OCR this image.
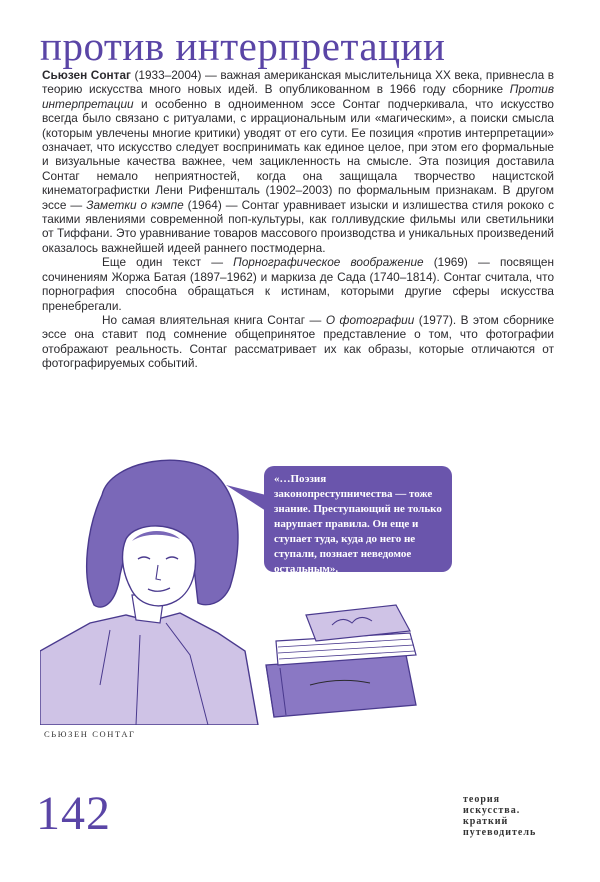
против интерпретации

Сьюзен Сонтаг (1933–2004) — важная американская мыслительница XX века, привнесла в теорию искусства много новых идей. В опубликованном в 1966 году сборнике Против интерпретации и особенно в одноименном эссе Сонтаг подчеркивала, что искусство всегда было связано с ритуалами, с иррациональным или «магическим», а поиски смысла (которым увлечены многие критики) уводят от его сути. Ее позиция «против интерпретации» означает, что искусство следует воспринимать как единое целое, при этом его формальные и визуальные качества важнее, чем зацикленность на смысле. Эта позиция доставила Сонтаг немало неприятностей, когда она защищала творчество нацистской кинематографистки Лени Рифеншталь (1902–2003) по формальным признакам. В другом эссе — Заметки о кэмпе (1964) — Сонтаг уравнивает изыски и излишества стиля рококо с такими явлениями современной поп-культуры, как голливудские фильмы или светильники от Тиффани. Это уравнивание товаров массового производства и уникальных произведений оказалось важнейшей идеей раннего постмодерна.

Еще один текст — Порнографическое воображение (1969) — посвящен сочинениям Жоржа Батая (1897–1962) и маркиза де Сада (1740–1814). Сонтаг считала, что порнография способна обращаться к истинам, которыми другие сферы искусства пренебрегали.

Но самая влиятельная книга Сонтаг — О фотографии (1977). В этом сборнике эссе она ставит под сомнение общепринятое представление о том, что фотографии отображают реальность. Сонтаг рассматривает их как образы, которые отличаются от фотографируемых событий.

«…Поэзия законопреступничества — тоже знание. Преступающий не только нарушает правила. Он еще и ступает туда, куда до него не ступали, познает неведомое остальным».
СЬЮЗЕН СОНТАГ
142	теория
искусства.
краткий
путеводитель
